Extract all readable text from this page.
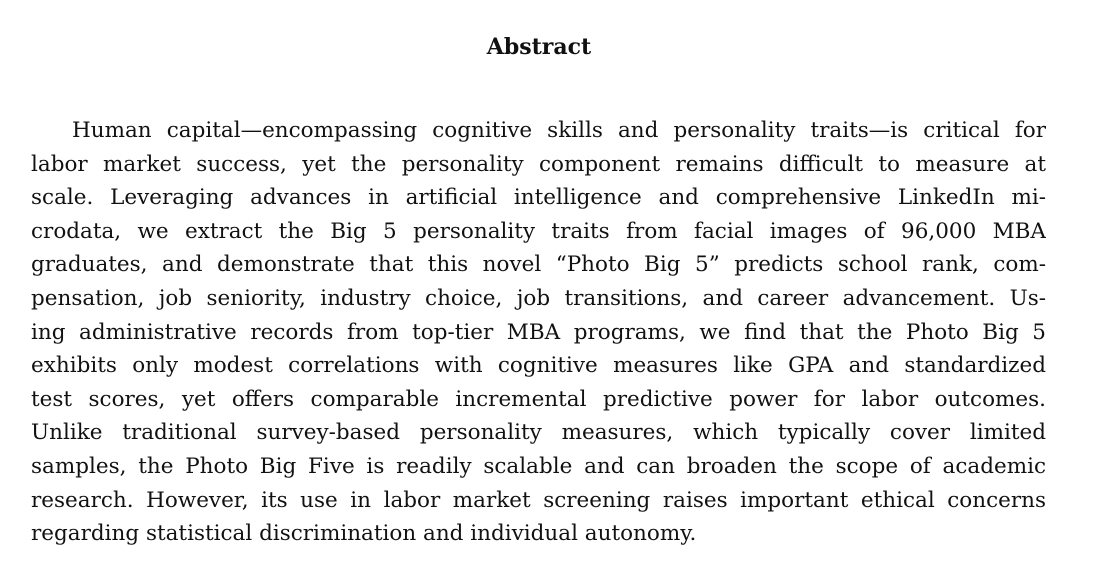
Abstract
Human capital—encompassing cognitive skills and personality traits—is critical for
labor market success, yet the personality component remains difficult to measure at
scale. Leveraging advances in artificial intelligence and comprehensive LinkedIn mi-
crodata, we extract the Big 5 personality traits from facial images of 96,000 MBA
graduates, and demonstrate that this novel “Photo Big 5” predicts school rank, com-
pensation, job seniority, industry choice, job transitions, and career advancement. Us-
ing administrative records from top-tier MBA programs, we find that the Photo Big 5
exhibits only modest correlations with cognitive measures like GPA and standardized
test scores, yet offers comparable incremental predictive power for labor outcomes.
Unlike traditional survey-based personality measures, which typically cover limited
samples, the Photo Big Five is readily scalable and can broaden the scope of academic
research. However, its use in labor market screening raises important ethical concerns
regarding statistical discrimination and individual autonomy.
